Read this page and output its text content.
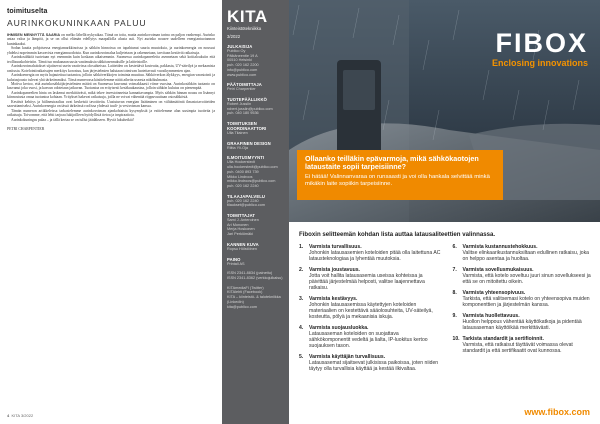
toimituselta
AURINKOKUNINKAAN PALUU

IHMISEN MENNYTTÄ SAARIA on melko lähellä nykyaikaa. Tämä on totta, mutta aurinkovoiman tarina on paljon vanhempi. Aurinko antaa valoa ja lämpöä, ja se on ollut elämän edellytys maapallolla alusta asti. Nyt aurinko nousee uudelleen energiantuotannon kuninkaaksi.

Sodan kautta pohjoisessa energiamarkkinoissa ja sähkön hinnoissa on tapahtunut suuria muutoksia, ja aurinkoenergia on noussut yhdeksi nopeimmin kasvavista energiamuodoista. Kun aurinkovoimalaa kuljetetaan ja rakennetaan, tarvitaan kestäviä ratkaisuja.

Aurinkosähköä tuotetaan nyt enemmän kuin koskaan aikaisemmin. Suomessa aurinkopaneeleita asennetaan sekä kotitalouksiin että teollisuuskohteisiin. Tämä tuo mukanaan uusia vaatimuksia sähköasennuksille ja laitteistoille.

Aurinkovoimalaitokset sijaitsevat usein vaativissa olosuhteissa. Laitteiden on kestettävä kosteutta, pakkasta, UV-säteilyä ja mekaanista rasitusta. Kotelointiratkaisujen merkitys korostuu, kun järjestelmien halutaan toimivan luotettavasti vuosikymmenten ajan.

Aurinkoenergia on myös hajautettua tuotantoa, jolloin sähköverkkojen toiminta muuttuu. Sähköverkon älykkyys, energian varastointi ja kulutusjousto tulevat yhä tärkeämmiksi. Tässä numerossa käsittelemme näitä aiheita useasta näkökulmasta.

Motiva kertoo, että aurinkosähköjärjestelmien määrä on Suomessa kasvanut voimakkaasti viime vuosina. Aurinkosähkön tuotanto on kasvanut joka vuosi, ja kasvun odotetaan jatkuvan. Tuotantoa on erityisesti kesäkuukausina, jolloin sähkön kulutus on pienempää.

Aurinkopaneelien hinta on laskenut merkittävästi, mikä tekee investoinneista kannattavampia. Myös sähkön hinnan nousu on lisännyt kiinnostusta omaa tuotantoa kohtaan. Yritykset hakevat ratkaisuja, joilla ne voivat vähentää riippuvuuttaan ostosähköstä.

Kestävä kehitys ja hiilineutraalius ovat keskeisiä tavoitteita. Uusiutuvan energian lisääminen on välttämätöntä ilmastotavoitteiden saavuttamiseksi. Aurinkoenergia on tässä tärkeässä roolissa yhdessä tuuli- ja vesivoiman kanssa.

Tämän numeron artikkeleissa tarkastelemme aurinkovoiman ajankohtaisia kysymyksiä ja esittelemme alan uusimpia tuotteita ja ratkaisuja. Toivomme, että lehti tarjoaa lukijoilleen hyödyllistä tietoa ja inspiraatiota.

Aurinkokuningas palaa – ja tällä kertaa se on tullut jäädäkseen. Hyviä lukuhetkiä!

PETRI CHARPENTIER

4 KITA 3/2022
KITA
Kiinteistötekniikka
3/2022
JULKAISIJA
Publico Oy
Pälkäneentie 19 A
00510 Helsinki
puh. 020 162 2200
info@publico.com
www.publico.com
PÄÄTOIMITTAJA
Petri Charpentier
TUOTEPÄÄLLIKKÖ
Robert Jusslin
robert.jusslin@publico.com
puh. 040 180 9536
TOIMITUKSEN KOORDINAATTORI
Ulla Tiiainen
GRAAFINEN DESIGN
Riitta Yli-Oja
ILMOITUSMYYNTI
Ulla Hockerstedt
ulla.hockerstedt@publico.com
puh. 0400 893 739
Mikko Lindroos
mikko.lindroos@publico.com
puh. 020 162 2240
TILAAJAPALVELU
puh. 020 162 2240
tilaukset@publico.com
TOIMITTAJAT
Sami J. Anteroinen
Ari Mononen
Merja Hoskonen
Jari Perkiömäki
KANNEN KUVA
Ropsu Hölstöinen
PAINO
Printall AS
ISSN 2341-8834 (painettu)
ISSN 2341-8362 (verkkojulkaisu)
KITAmediaFI (Twitter)
KITAlehti (Facebook)
KITA – kiinteistö- & talotekniikka (LinkedIn)
kita@publico.com
FIBOX
Enclosing innovations
Ollaanko teilläkin epävarmoja, mikä sähkökaotojen lataustaite sopii tarpeisiinne?
Ei hätää! Valinnanvaraa on runsaasti ja voi olla hankala selvittää minkä mikäkin laite sopiikin tarpeisiinne.
Fiboxin selitteemän kohdan lista auttaa latausaliteettien valinnassa.
1.	Varmista turvallisuus.
Johonkin latausasemien koteloiden pitää olla laitettuna AC latausteknologiaa ja lyhentää muutoksia.
2.	Varmista joustavuus.
Jotta voit hallita latausasemia useissa kohteissa ja päivittää järjestelmää helposti, valitse laajennettava ratkaisu.
3.	Varmista kestävyys.
Johonkin latausasemissa käytettyjen koteloiden materiaalien on kestettävä sääolosuhteita, UV-säteilyä, kosteutta, pölyä ja mekaanisia iskuja.
4.	Varmista suojausluokka.
Latausaseman koteloiden on suojattava sähkökomponentit vedeltä ja lialta, IP-luokitus kertoo suojauksen tason.
5.	Varmista käyttäjän turvallisuus.
Latausasemat sijaitsevat julkisissa paikoissa, joten niiden täytyy olla turvallisia käyttää ja kestää ilkivaltaa.
6.	Varmista kustannustehokkuus.
Valitse elinkaarikustannuksiltaan edullinen ratkaisu, joka on helppo asentaa ja huoltaa.
7.	Varmista sovellusmukaisuus.
Varmista, että kotelo soveltuu juuri sinun sovellukseesi ja että se on mitoitettu oikein.
8.	Varmista yhteensopivuus.
Tarkista, että valitsemasi kotelo on yhteensopiva muiden komponenttien ja järjestelmän kanssa.
9.	Varmista huollettavuus.
Huollon helppous vähentää käyttökatkoja ja pidentää latausaseman käyttöikää merkittävästi.
10. Tarkista standardit ja sertifioinnit.
Varmista, että ratkaisut täyttävät voimassa olevat standardit ja että sertifikaatit ovat kunnossa.
www.fibox.com
